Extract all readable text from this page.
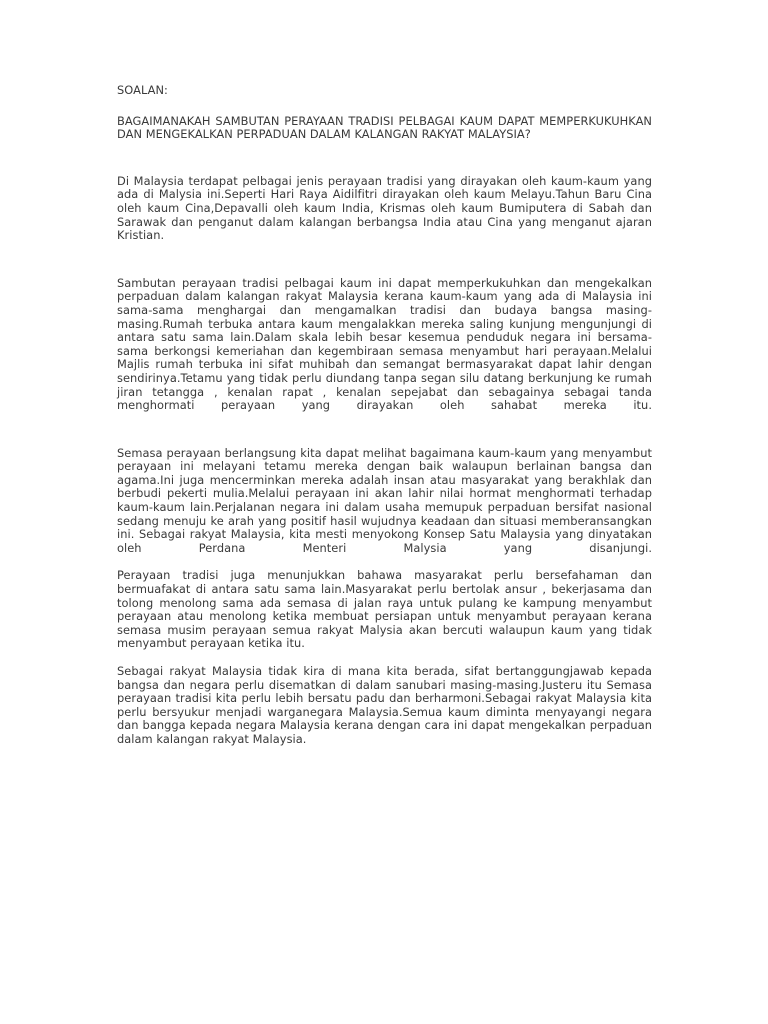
SOALAN:

BAGAIMANAKAH SAMBUTAN PERAYAAN TRADISI PELBAGAI KAUM DAPAT MEMPERKUKUHKAN DAN MENGEKALKAN PERPADUAN DALAM KALANGAN RAKYAT MALAYSIA?

Di Malaysia terdapat pelbagai jenis perayaan tradisi yang dirayakan oleh kaum-kaum yang ada di Malysia ini.Seperti Hari Raya Aidilfitri dirayakan oleh kaum Melayu.Tahun Baru Cina oleh kaum Cina,Depavalli oleh kaum India, Krismas oleh kaum Bumiputera di Sabah dan Sarawak dan penganut dalam kalangan berbangsa India atau Cina yang menganut ajaran Kristian.

Sambutan perayaan tradisi pelbagai kaum ini dapat memperkukuhkan dan mengekalkan perpaduan dalam kalangan rakyat Malaysia kerana kaum-kaum yang ada di Malaysia ini sama-sama menghargai dan mengamalkan tradisi dan budaya bangsa masing-masing.Rumah terbuka antara kaum mengalakkan mereka saling kunjung mengunjungi di antara satu sama lain.Dalam skala lebih besar kesemua penduduk negara ini bersama- sama berkongsi kemeriahan dan kegembiraan semasa menyambut hari perayaan.Melalui Majlis rumah terbuka ini sifat muhibah dan semangat bermasyarakat dapat lahir dengan sendirinya.Tetamu yang tidak perlu diundang tanpa segan silu datang berkunjung ke rumah jiran tetangga , kenalan rapat , kenalan sepejabat dan sebagainya sebagai tanda menghormati perayaan yang dirayakan oleh sahabat mereka itu.

Semasa perayaan berlangsung kita dapat melihat bagaimana kaum-kaum yang menyambut perayaan ini melayani tetamu mereka dengan baik walaupun berlainan bangsa dan agama.Ini juga mencerminkan mereka adalah insan atau masyarakat yang berakhlak dan berbudi pekerti mulia.Melalui perayaan ini akan lahir nilai hormat menghormati terhadap kaum-kaum lain.Perjalanan negara ini dalam usaha memupuk perpaduan bersifat nasional sedang menuju ke arah yang positif hasil wujudnya keadaan dan situasi memberansangkan ini. Sebagai rakyat Malaysia, kita mesti menyokong Konsep Satu Malaysia yang dinyatakan oleh Perdana Menteri Malysia yang disanjungi.

Perayaan tradisi juga menunjukkan bahawa masyarakat perlu bersefahaman dan bermuafakat di antara satu sama lain.Masyarakat perlu bertolak ansur , bekerjasama dan tolong menolong sama ada semasa di jalan raya untuk pulang ke kampung menyambut perayaan atau menolong ketika membuat persiapan untuk menyambut perayaan kerana semasa musim perayaan semua rakyat Malysia akan bercuti walaupun kaum yang tidak menyambut perayaan ketika itu.

Sebagai rakyat Malaysia tidak kira di mana kita berada, sifat bertanggungjawab kepada bangsa dan negara perlu disematkan di dalam sanubari masing-masing.Justeru itu Semasa perayaan tradisi kita perlu lebih bersatu padu dan berharmoni.Sebagai rakyat Malaysia kita perlu bersyukur menjadi warganegara Malaysia.Semua kaum diminta menyayangi negara dan bangga kepada negara Malaysia kerana dengan cara ini dapat mengekalkan perpaduan dalam kalangan rakyat Malaysia.
